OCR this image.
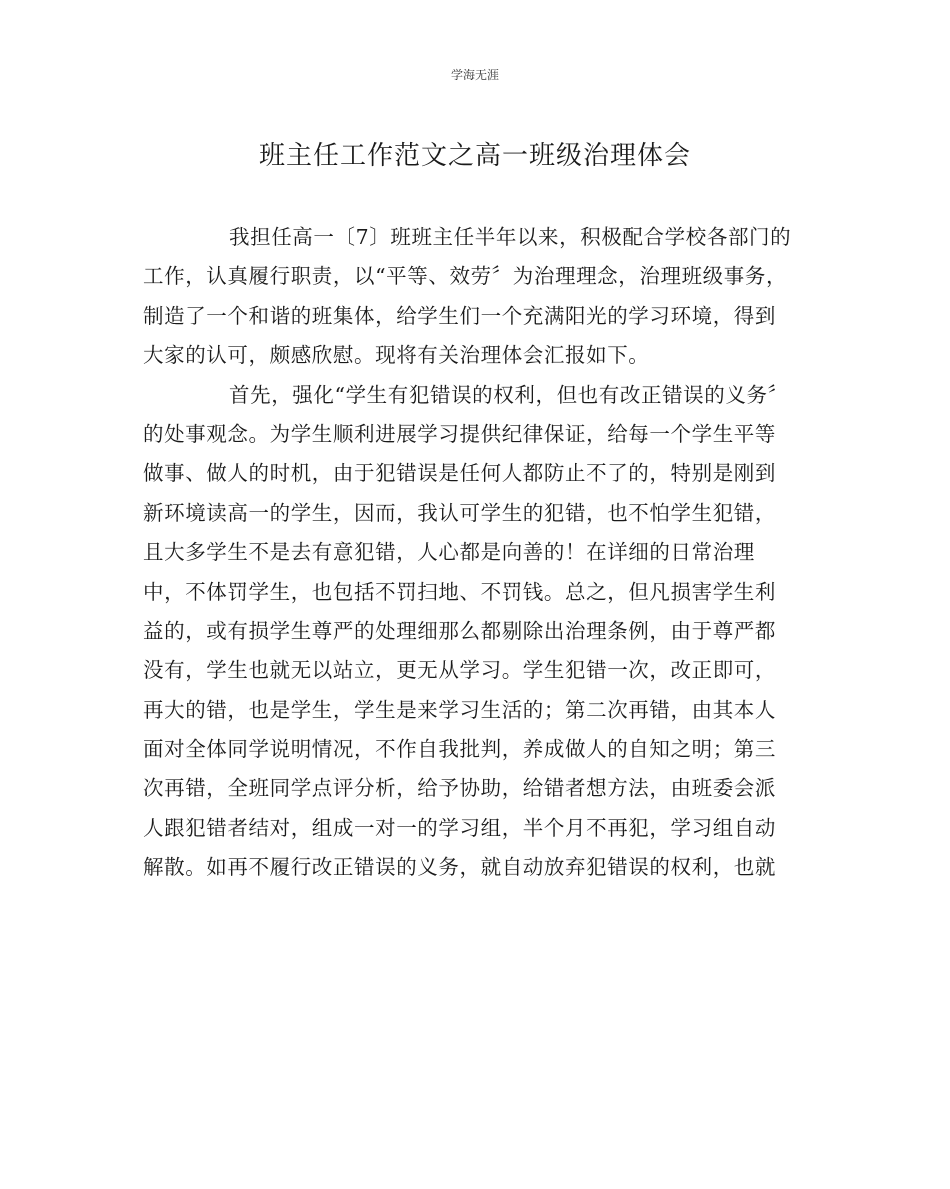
学海无涯
班主任工作范文之高一班级治理体会
我担任高一〔7〕班班主任半年以来，积极配合学校各部门的
工作，认真履行职责，以“平等、效劳〞为治理理念，治理班级事务，
制造了一个和谐的班集体，给学生们一个充满阳光的学习环境，得到
大家的认可，颇感欣慰。现将有关治理体会汇报如下。
首先，强化“学生有犯错误的权利，但也有改正错误的义务〞
的处事观念。为学生顺利进展学习提供纪律保证，给每一个学生平等
做事、做人的时机，由于犯错误是任何人都防止不了的，特别是刚到
新环境读高一的学生，因而，我认可学生的犯错，也不怕学生犯错，
且大多学生不是去有意犯错，人心都是向善的！在详细的日常治理
中，不体罚学生，也包括不罚扫地、不罚钱。总之，但凡损害学生利
益的，或有损学生尊严的处理细那么都剔除出治理条例，由于尊严都
没有，学生也就无以站立，更无从学习。学生犯错一次，改正即可，
再大的错，也是学生，学生是来学习生活的；第二次再错，由其本人
面对全体同学说明情况，不作自我批判，养成做人的自知之明；第三
次再错，全班同学点评分析，给予协助，给错者想方法，由班委会派
人跟犯错者结对，组成一对一的学习组，半个月不再犯，学习组自动
解散。如再不履行改正错误的义务，就自动放弃犯错误的权利，也就
